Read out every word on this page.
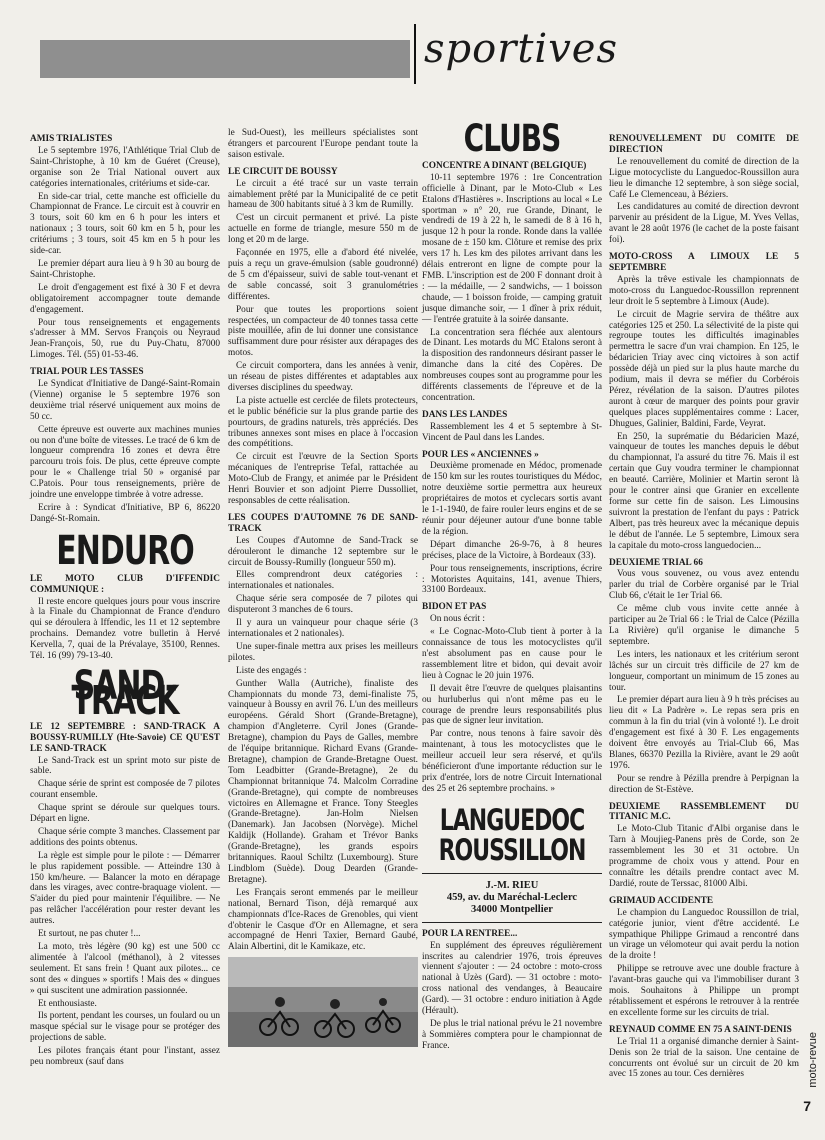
sportives
AMIS TRIALISTES
Le 5 septembre 1976, l'Athlétique Trial Club de Saint-Christophe, à 10 km de Guéret (Creuse), organise son 2e Trial National ouvert aux catégories internationales, critériums et side-car.
En side-car trial, cette manche est officielle du Championnat de France. Le circuit est à couvrir en 3 tours, soit 60 km en 6 h pour les inters et nationaux ; 3 tours, soit 60 km en 5 h, pour les critériums ; 3 tours, soit 45 km en 5 h pour les side-car.
Le premier départ aura lieu à 9 h 30 au bourg de Saint-Christophe.
Le droit d'engagement est fixé à 30 F et devra obligatoirement accompagner toute demande d'engagement.
Pour tous renseignements et engagements s'adresser à MM. Servos François ou Neyraud Jean-François, 50, rue du Puy-Chatu, 87000 Limoges. Tél. (55) 01-53-46.
TRIAL POUR LES TASSES
Le Syndicat d'Initiative de Dangé-Saint-Romain (Vienne) organise le 5 septembre 1976 son deuxième trial réservé uniquement aux moins de 50 cc.
Cette épreuve est ouverte aux machines munies ou non d'une boîte de vitesses. Le tracé de 6 km de longueur comprendra 16 zones et devra être parcouru trois fois. De plus, cette épreuve compte pour le « Challenge trial 50 » organisé par C.Patois. Pour tous renseignements, prière de joindre une enveloppe timbrée à votre adresse.
Ecrire à : Syndicat d'Initiative, BP 6, 86220 Dangé-St-Romain.
ENDURO
LE MOTO CLUB D'IFFENDIC COMMUNIQUE :
Il reste encore quelques jours pour vous inscrire à la Finale du Championnat de France d'enduro qui se déroulera à Iffendic, les 11 et 12 septembre prochains. Demandez votre bulletin à Hervé Kervella, 7, quai de la Prévalaye, 35100, Rennes. Tél. 16 (99) 79-13-40.
SAND-TRACK
LE 12 SEPTEMBRE : SAND-TRACK A BOUSSY-RUMILLY (Hte-Savoie) CE QU'EST LE SAND-TRACK
Le Sand-Track est un sprint moto sur piste de sable.
Chaque série de sprint est composée de 7 pilotes courant ensemble.
Chaque sprint se déroule sur quelques tours. Départ en ligne.
Chaque série compte 3 manches. Classement par additions des points obtenus.
La règle est simple pour le pilote : — Démarrer le plus rapidement possible. — Atteindre 130 à 150 km/heure. — Balancer la moto en dérapage dans les virages, avec contre-braquage violent. — S'aider du pied pour maintenir l'équilibre. — Ne pas relâcher l'accélération pour rester devant les autres.
Et surtout, ne pas chuter !...
La moto, très légère (90 kg) est une 500 cc alimentée à l'alcool (méthanol), à 2 vitesses seulement. Et sans frein ! Quant aux pilotes... ce sont des « dingues » sportifs ! Mais des « dingues » qui suscitent une admiration passionnée.
Et enthousiaste.
Ils portent, pendant les courses, un foulard ou un masque spécial sur le visage pour se protéger des projections de sable.
Les pilotes français étant pour l'instant, assez peu nombreux (sauf dans
le Sud-Ouest), les meilleurs spécialistes sont étrangers et parcourent l'Europe pendant toute la saison estivale.
LE CIRCUIT DE BOUSSY
Le circuit a été tracé sur un vaste terrain aimablement prêté par la Municipalité de ce petit hameau de 300 habitants situé à 3 km de Rumilly.
C'est un circuit permanent et privé. La piste actuelle en forme de triangle, mesure 550 m de long et 20 m de large.
Façonnée en 1975, elle a d'abord été nivelée, puis a reçu un grave-émulsion (sable goudronné) de 5 cm d'épaisseur, suivi de sable tout-venant et de sable concassé, soit 3 granulométries différentes.
Pour que toutes les proportions soient respectées, un compacteur de 40 tonnes tassa cette piste mouillée, afin de lui donner une consistance suffisamment dure pour résister aux dérapages des motos.
Ce circuit comportera, dans les années à venir, un réseau de pistes différentes et adaptables aux diverses disciplines du speedway.
La piste actuelle est cerclée de filets protecteurs, et le public bénéficie sur la plus grande partie des pourtours, de gradins naturels, très appréciés. Des tribunes annexes sont mises en place à l'occasion des compétitions.
Ce circuit est l'œuvre de la Section Sports mécaniques de l'entreprise Tefal, rattachée au Moto-Club de Frangy, et animée par le Président Henri Bouvier et son adjoint Pierre Dussolliet, responsables de cette réalisation.
LES COUPES D'AUTOMNE 76 DE SAND-TRACK
Les Coupes d'Automne de Sand-Track se dérouleront le dimanche 12 septembre sur le circuit de Boussy-Rumilly (longueur 550 m).
Elles comprendront deux catégories : internationales et nationales.
Chaque série sera composée de 7 pilotes qui disputeront 3 manches de 6 tours.
Il y aura un vainqueur pour chaque série (3 internationales et 2 nationales).
Une super-finale mettra aux prises les meilleurs pilotes.
Liste des engagés :
Gunther Walla (Autriche), finaliste des Championnats du monde 73, demi-finaliste 75, vainqueur à Boussy en avril 76. L'un des meilleurs européens. Gérald Short (Grande-Bretagne), champion d'Angleterre. Cyril Jones (Grande-Bretagne), champion du Pays de Galles, membre de l'équipe britannique. Richard Evans (Grande-Bretagne), champion de Grande-Bretagne Ouest. Tom Leadbitter (Grande-Bretagne), 2e du Championnat britannique 74. Malcolm Corradine (Grande-Bretagne), qui compte de nombreuses victoires en Allemagne et France. Tony Steegles (Grande-Bretagne). Jan-Holm Nielsen (Danemark). Jan Jacobsen (Norvège). Michel Kaldijk (Hollande). Graham et Trévor Banks (Grande-Bretagne), les grands espoirs britanniques. Raoul Schiltz (Luxembourg). Sture Lindblom (Suède). Doug Dearden (Grande-Bretagne).
Les Français seront emmenés par le meilleur national, Bernard Tison, déjà remarqué aux championnats d'Ice-Races de Grenobles, qui vient d'obtenir le Casque d'Or en Allemagne, et sera accompagné de Henri Taxier, Bernard Gaubé, Alain Albertini, dit le Kamikaze, etc.
CLUBS
CONCENTRE A DINANT (BELGIQUE)
10-11 septembre 1976 : 1re Concentration officielle à Dinant, par le Moto-Club « Les Etalons d'Hastières ». Inscriptions au local « Le sportman » n° 20, rue Grande, Dinant, le vendredi de 19 à 22 h, le samedi de 8 à 16 h, jusque 12 h pour la ronde. Ronde dans la vallée mosane de ± 150 km. Clôture et remise des prix vers 17 h. Les km des pilotes arrivant dans les délais entreront en ligne de compte pour la FMB. L'inscription est de 200 F donnant droit à : — la médaille, — 2 sandwichs, — 1 boisson chaude, — 1 boisson froide, — camping gratuit jusque dimanche soir, — 1 dîner à prix réduit, — l'entrée gratuite à la soirée dansante.
La concentration sera fléchée aux alentours de Dinant. Les motards du MC Etalons seront à la disposition des randonneurs désirant passer le dimanche dans la cité des Copères. De nombreuses coupes sont au programme pour les différents classements de l'épreuve et de la concentration.
DANS LES LANDES
Rassemblement les 4 et 5 septembre à St-Vincent de Paul dans les Landes.
POUR LES « ANCIENNES »
Deuxième promenade en Médoc, promenade de 150 km sur les routes touristiques du Médoc, notre deuxième sortie permettra aux heureux propriétaires de motos et cyclecars sortis avant le 1-1-1940, de faire rouler leurs engins et de se réunir pour déjeuner autour d'une bonne table de la région.
Départ dimanche 26-9-76, à 8 heures précises, place de la Victoire, à Bordeaux (33).
Pour tous renseignements, inscriptions, écrire : Motoristes Aquitains, 141, avenue Thiers, 33100 Bordeaux.
BIDON ET PAS
On nous écrit :
« Le Cognac-Moto-Club tient à porter à la connaissance de tous les motocyclistes qu'il n'est absolument pas en cause pour le rassemblement litre et bidon, qui devait avoir lieu à Cognac le 20 juin 1976.
Il devait être l'œuvre de quelques plaisantins ou hurluberlus qui n'ont même pas eu le courage de prendre leurs responsabilités plus pas que de signer leur invitation.
Par contre, nous tenons à faire savoir dès maintenant, à tous les motocyclistes que le meilleur accueil leur sera réservé, et qu'ils bénéficieront d'une importante réduction sur le prix d'entrée, lors de notre Circuit International des 25 et 26 septembre prochains. »
LANGUEDOC ROUSSILLON
J.-M. RIEU
459, av. du Maréchal-Leclerc
34000 Montpellier
POUR LA RENTREE...
En supplément des épreuves régulièrement inscrites au calendrier 1976, trois épreuves viennent s'ajouter : — 24 octobre : moto-cross national à Uzès (Gard). — 31 octobre : moto-cross national des vendanges, à Beaucaire (Gard). — 31 octobre : enduro initiation à Agde (Hérault).
De plus le trial national prévu le 21 novembre à Sommières comptera pour le championnat de France.
RENOUVELLEMENT DU COMITE DE DIRECTION
Le renouvellement du comité de direction de la Ligue motocycliste du Languedoc-Roussillon aura lieu le dimanche 12 septembre, à son siège social, Café Le Clemenceau, à Béziers.
Les candidatures au comité de direction devront parvenir au président de la Ligue, M. Yves Vellas, avant le 28 août 1976 (le cachet de la poste faisant foi).
MOTO-CROSS A LIMOUX LE 5 SEPTEMBRE
Après la trêve estivale les championnats de moto-cross du Languedoc-Roussillon reprennent leur droit le 5 septembre à Limoux (Aude).
Le circuit de Magrie servira de théâtre aux catégories 125 et 250. La sélectivité de la piste qui regroupe toutes les difficultés imaginables permettra le sacre d'un vrai champion. En 125, le bédaricien Triay avec cinq victoires à son actif possède déjà un pied sur la plus haute marche du podium, mais il devra se méfier du Corbérois Pérez, révélation de la saison. D'autres pilotes auront à cœur de marquer des points pour gravir quelques places supplémentaires comme : Lacer, Dhugues, Galinier, Baldini, Farde, Veyrat.
En 250, la suprématie du Bédaricien Mazé, vainqueur de toutes les manches depuis le début du championnat, l'a assuré du titre 76. Mais il est certain que Guy voudra terminer le championnat en beauté. Carrière, Molinier et Martin seront là pour le contrer ainsi que Granier en excellente forme sur cette fin de saison. Les Limousins suivront la prestation de l'enfant du pays : Patrick Albert, pas très heureux avec la mécanique depuis le début de l'année. Le 5 septembre, Limoux sera la capitale du moto-cross languedocien...
DEUXIEME TRIAL 66
Vous vous souvenez, ou vous avez entendu parler du trial de Corbère organisé par le Trial Club 66, c'était le 1er Trial 66.
Ce même club vous invite cette année à participer au 2e Trial 66 : le Trial de Calce (Pézilla La Rivière) qu'il organise le dimanche 5 septembre.
Les inters, les nationaux et les critérium seront lâchés sur un circuit très difficile de 27 km de longueur, comportant un minimum de 15 zones au tour.
Le premier départ aura lieu à 9 h très précises au lieu dit « La Padrère ». Le repas sera pris en commun à la fin du trial (vin à volonté !). Le droit d'engagement est fixé à 30 F. Les engagements doivent être envoyés au Trial-Club 66, Mas Blanes, 66370 Pezilla la Rivière, avant le 29 août 1976.
Pour se rendre à Pézilla prendre à Perpignan la direction de St-Estève.
DEUXIEME RASSEMBLEMENT DU TITANIC M.C.
Le Moto-Club Titanic d'Albi organise dans le Tarn à Moujieg-Panens près de Corde, son 2e rassemblement les 30 et 31 octobre. Un programme de choix vous y attend. Pour en connaître les détails prendre contact avec M. Dardié, route de Terssac, 81000 Albi.
GRIMAUD ACCIDENTE
Le champion du Languedoc Roussillon de trial, catégorie junior, vient d'être accidenté. Le sympathique Philippe Grimaud a rencontré dans un virage un vélomoteur qui avait perdu la notion de la droite !
Philippe se retrouve avec une double fracture à l'avant-bras gauche qui va l'immobiliser durant 3 mois. Souhaitons à Philippe un prompt rétablissement et espérons le retrouver à la rentrée en excellente forme sur les circuits de trial.
REYNAUD COMME EN 75 A SAINT-DENIS
Le Trial 11 a organisé dimanche dernier à Saint-Denis son 2e trial de la saison. Une centaine de concurrents ont évolué sur un circuit de 20 km avec 15 zones au tour. Ces dernières	moto-revue
7
